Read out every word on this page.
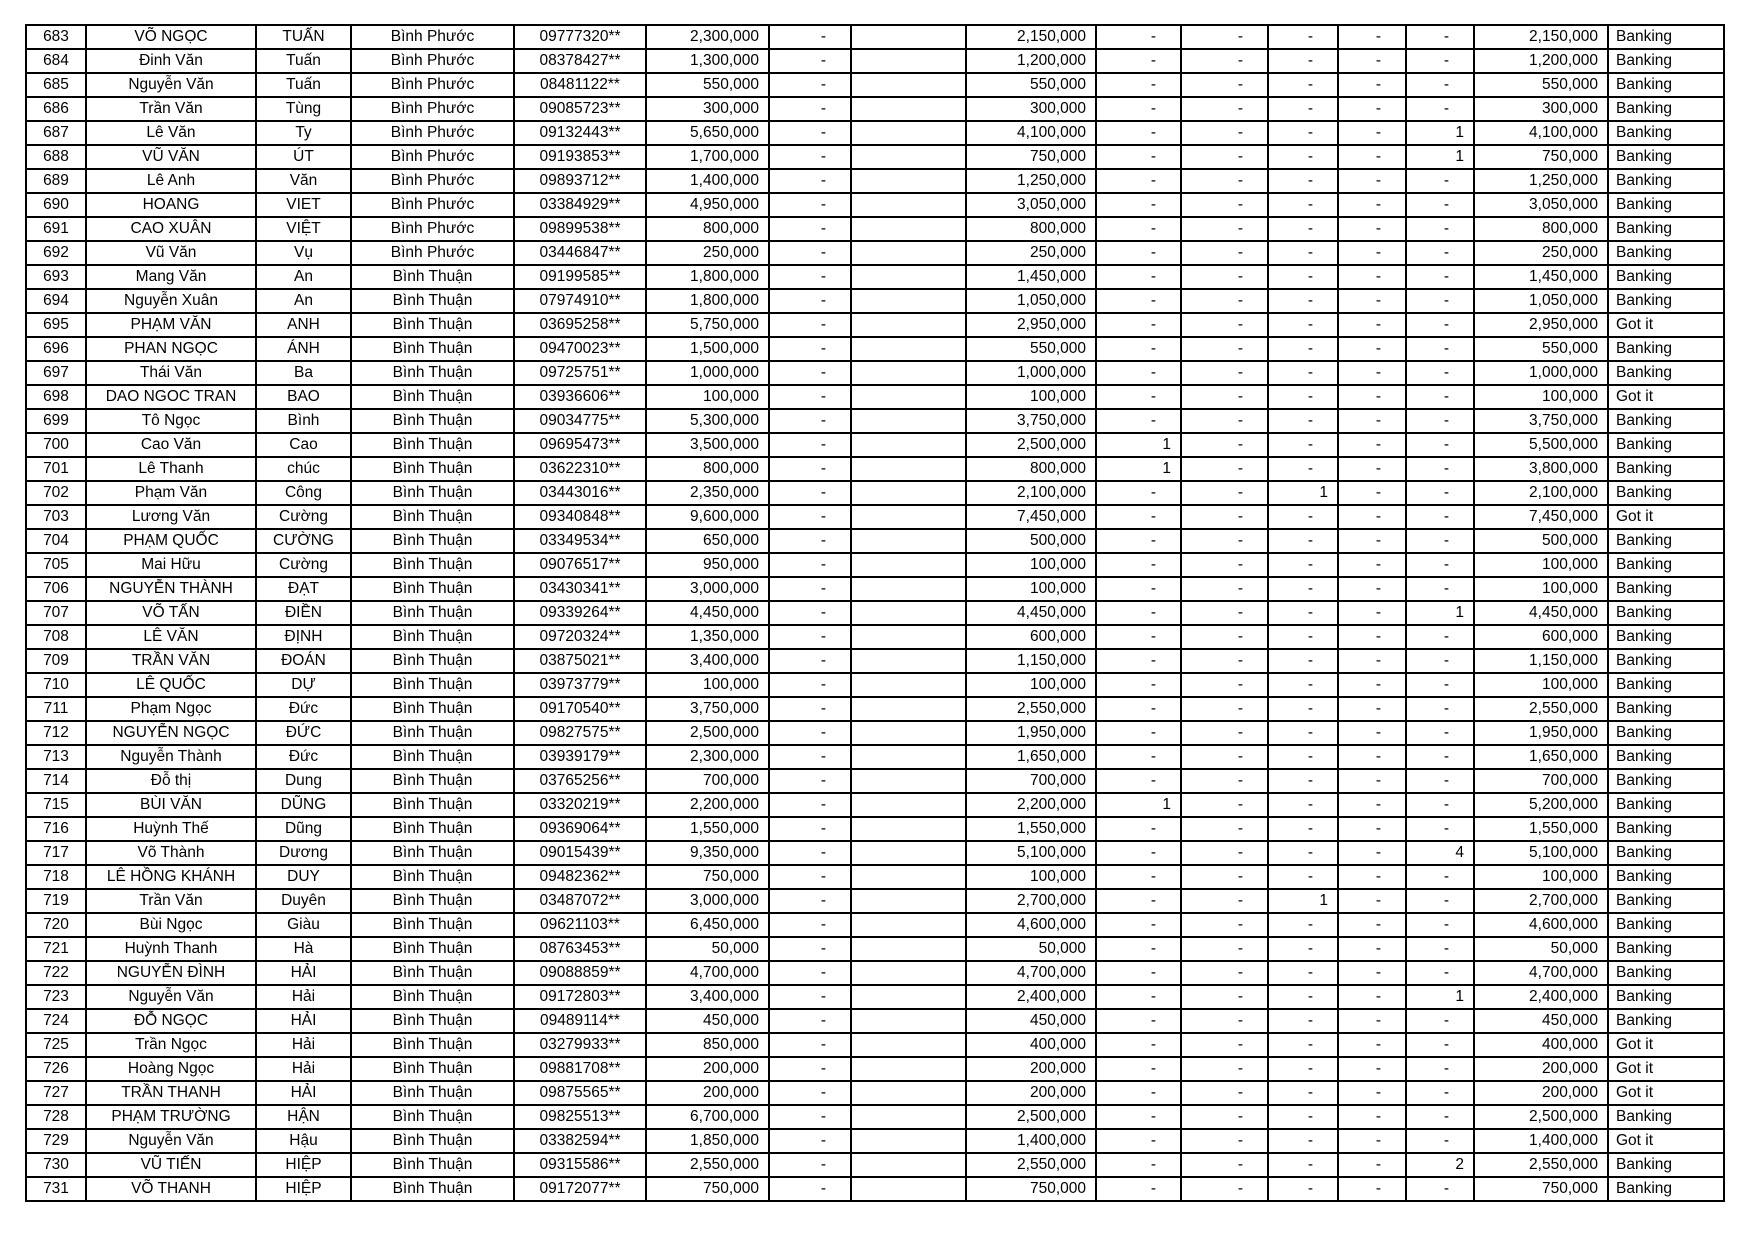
683	VÕ NGỌC	TUẤN	Bình Phước	09777320**	2,300,000	-		2,150,000	-	-	-	-	-	2,150,000	Banking
684	Đinh Văn	Tuấn	Bình Phước	08378427**	1,300,000	-		1,200,000	-	-	-	-	-	1,200,000	Banking
685	Nguyễn Văn	Tuấn	Bình Phước	08481122**	550,000	-		550,000	-	-	-	-	-	550,000	Banking
686	Trần Văn	Tùng	Bình Phước	09085723**	300,000	-		300,000	-	-	-	-	-	300,000	Banking
687	Lê Văn	Ty	Bình Phước	09132443**	5,650,000	-		4,100,000	-	-	-	-	1	4,100,000	Banking
688	VŨ VĂN	ÚT	Bình Phước	09193853**	1,700,000	-		750,000	-	-	-	-	1	750,000	Banking
689	Lê Anh	Văn	Bình Phước	09893712**	1,400,000	-		1,250,000	-	-	-	-	-	1,250,000	Banking
690	HOANG	VIET	Bình Phước	03384929**	4,950,000	-		3,050,000	-	-	-	-	-	3,050,000	Banking
691	CAO XUÂN	VIỆT	Bình Phước	09899538**	800,000	-		800,000	-	-	-	-	-	800,000	Banking
692	Vũ Văn	Vụ	Bình Phước	03446847**	250,000	-		250,000	-	-	-	-	-	250,000	Banking
693	Mang Văn	An	Bình Thuận	09199585**	1,800,000	-		1,450,000	-	-	-	-	-	1,450,000	Banking
694	Nguyễn Xuân	An	Bình Thuận	07974910**	1,800,000	-		1,050,000	-	-	-	-	-	1,050,000	Banking
695	PHẠM VĂN	ANH	Bình Thuận	03695258**	5,750,000	-		2,950,000	-	-	-	-	-	2,950,000	Got it
696	PHAN NGỌC	ÁNH	Bình Thuận	09470023**	1,500,000	-		550,000	-	-	-	-	-	550,000	Banking
697	Thái Văn	Ba	Bình Thuận	09725751**	1,000,000	-		1,000,000	-	-	-	-	-	1,000,000	Banking
698	DAO NGOC TRAN	BAO	Bình Thuận	03936606**	100,000	-		100,000	-	-	-	-	-	100,000	Got it
699	Tô Ngọc	Bình	Bình Thuận	09034775**	5,300,000	-		3,750,000	-	-	-	-	-	3,750,000	Banking
700	Cao Văn	Cao	Bình Thuận	09695473**	3,500,000	-		2,500,000	1	-	-	-	-	5,500,000	Banking
701	Lê Thanh	chúc	Bình Thuận	03622310**	800,000	-		800,000	1	-	-	-	-	3,800,000	Banking
702	Phạm Văn	Công	Bình Thuận	03443016**	2,350,000	-		2,100,000	-	-	1	-	-	2,100,000	Banking
703	Lương Văn	Cường	Bình Thuận	09340848**	9,600,000	-		7,450,000	-	-	-	-	-	7,450,000	Got it
704	PHẠM QUỐC	CƯỜNG	Bình Thuận	03349534**	650,000	-		500,000	-	-	-	-	-	500,000	Banking
705	Mai Hữu	Cường	Bình Thuận	09076517**	950,000	-		100,000	-	-	-	-	-	100,000	Banking
706	NGUYỄN THÀNH	ĐẠT	Bình Thuận	03430341**	3,000,000	-		100,000	-	-	-	-	-	100,000	Banking
707	VÕ TẤN	ĐIỀN	Bình Thuận	09339264**	4,450,000	-		4,450,000	-	-	-	-	1	4,450,000	Banking
708	LÊ VĂN	ĐỊNH	Bình Thuận	09720324**	1,350,000	-		600,000	-	-	-	-	-	600,000	Banking
709	TRẦN VĂN	ĐOÁN	Bình Thuận	03875021**	3,400,000	-		1,150,000	-	-	-	-	-	1,150,000	Banking
710	LÊ QUỐC	DỰ	Bình Thuận	03973779**	100,000	-		100,000	-	-	-	-	-	100,000	Banking
711	Phạm Ngọc	Đức	Bình Thuận	09170540**	3,750,000	-		2,550,000	-	-	-	-	-	2,550,000	Banking
712	NGUYỄN NGỌC	ĐỨC	Bình Thuận	09827575**	2,500,000	-		1,950,000	-	-	-	-	-	1,950,000	Banking
713	Nguyễn Thành	Đức	Bình Thuận	03939179**	2,300,000	-		1,650,000	-	-	-	-	-	1,650,000	Banking
714	Đỗ thị	Dung	Bình Thuận	03765256**	700,000	-		700,000	-	-	-	-	-	700,000	Banking
715	BÙI VĂN	DŨNG	Bình Thuận	03320219**	2,200,000	-		2,200,000	1	-	-	-	-	5,200,000	Banking
716	Huỳnh Thế	Dũng	Bình Thuận	09369064**	1,550,000	-		1,550,000	-	-	-	-	-	1,550,000	Banking
717	Võ Thành	Dương	Bình Thuận	09015439**	9,350,000	-		5,100,000	-	-	-	-	4	5,100,000	Banking
718	LÊ HỒNG KHÁNH	DUY	Bình Thuận	09482362**	750,000	-		100,000	-	-	-	-	-	100,000	Banking
719	Trần Văn	Duyên	Bình Thuận	03487072**	3,000,000	-		2,700,000	-	-	1	-	-	2,700,000	Banking
720	Bùi Ngọc	Giàu	Bình Thuận	09621103**	6,450,000	-		4,600,000	-	-	-	-	-	4,600,000	Banking
721	Huỳnh Thanh	Hà	Bình Thuận	08763453**	50,000	-		50,000	-	-	-	-	-	50,000	Banking
722	NGUYỄN ĐÌNH	HẢI	Bình Thuận	09088859**	4,700,000	-		4,700,000	-	-	-	-	-	4,700,000	Banking
723	Nguyễn Văn	Hải	Bình Thuận	09172803**	3,400,000	-		2,400,000	-	-	-	-	1	2,400,000	Banking
724	ĐỖ NGỌC	HẢI	Bình Thuận	09489114**	450,000	-		450,000	-	-	-	-	-	450,000	Banking
725	Trần Ngọc	Hải	Bình Thuận	03279933**	850,000	-		400,000	-	-	-	-	-	400,000	Got it
726	Hoàng Ngọc	Hải	Bình Thuận	09881708**	200,000	-		200,000	-	-	-	-	-	200,000	Got it
727	TRẦN THANH	HẢI	Bình Thuận	09875565**	200,000	-		200,000	-	-	-	-	-	200,000	Got it
728	PHẠM TRƯỜNG	HẬN	Bình Thuận	09825513**	6,700,000	-		2,500,000	-	-	-	-	-	2,500,000	Banking
729	Nguyễn Văn	Hậu	Bình Thuận	03382594**	1,850,000	-		1,400,000	-	-	-	-	-	1,400,000	Got it
730	VŨ TIẾN	HIỆP	Bình Thuận	09315586**	2,550,000	-		2,550,000	-	-	-	-	2	2,550,000	Banking
731	VÕ THANH	HIỆP	Bình Thuận	09172077**	750,000	-		750,000	-	-	-	-	-	750,000	Banking
